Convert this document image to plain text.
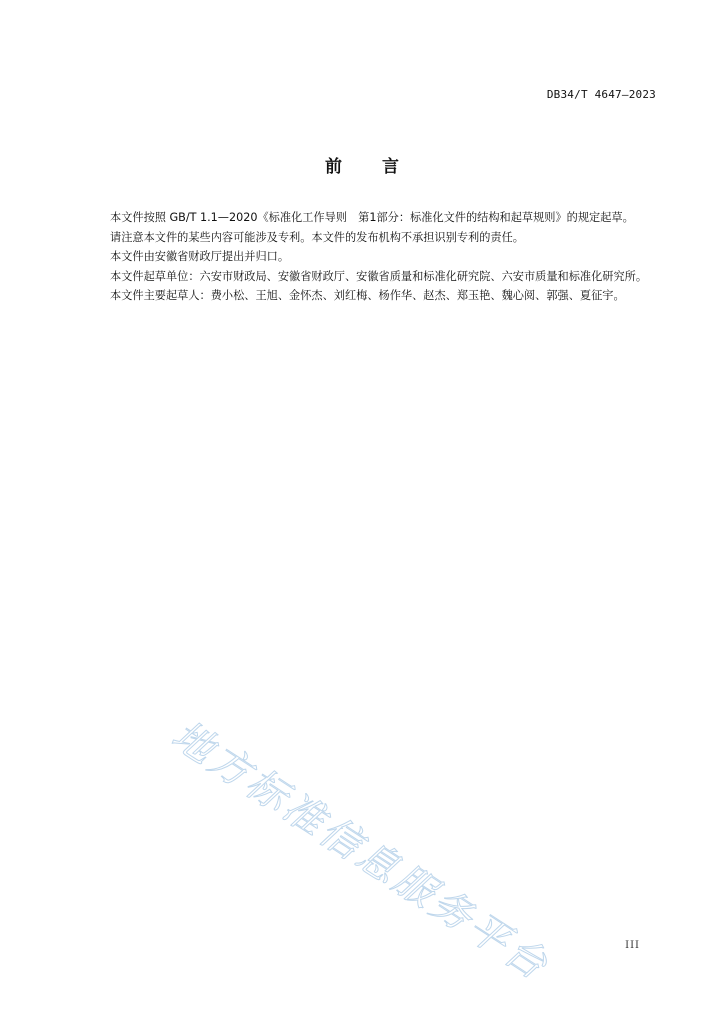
DB34/T 4647—2023
前言

本文件按照 GB/T 1.1—2020《标准化工作导则　第1部分：标准化文件的结构和起草规则》的规定起草。

请注意本文件的某些内容可能涉及专利。本文件的发布机构不承担识别专利的责任。

本文件由安徽省财政厅提出并归口。

本文件起草单位：六安市财政局、安徽省财政厅、安徽省质量和标准化研究院、六安市质量和标准化研究所。

本文件主要起草人：费小松、王旭、金怀杰、刘红梅、杨作华、赵杰、郑玉艳、魏心阅、郭强、夏征宇。

地方标准信息服务平台	III
